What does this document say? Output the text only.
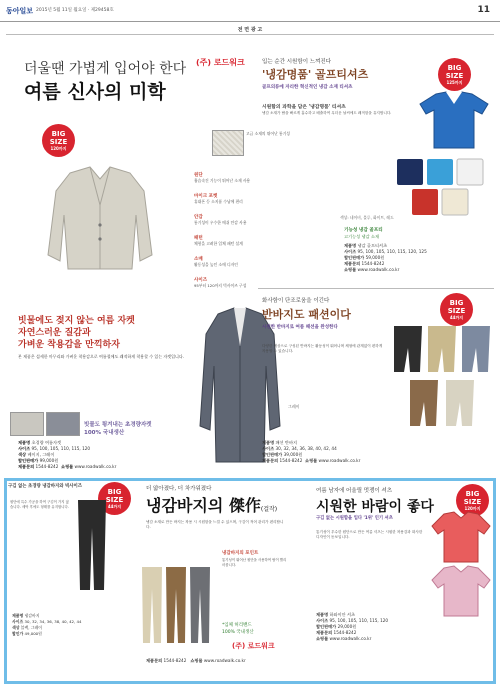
동아일보 2015년 5월 11일 월요일 · 제29458호	11
전 면 광 고
더울땐 가볍게 입어야 한다
여름 신사의 미학
(주) 로드워크
BIG
SIZE
120까지
고급 소재의 뛰어난 통기성
원단
흡습속건 기능이 뛰어난 소재 사용
마이크 포켓
휴대폰 등 소지품 수납에 편리
안감
통기성이 우수한 메쉬 안감 사용
패턴
체형을 고려한 입체 패턴 설계
소매
활동성을 높인 소매 디자인
사이즈
95부터 120까지 빅사이즈 구성
빗물에도 젖지 않는 여름 자켓
자연스러운 질감과
가벼운 착용감을 만끽하자
본 제품은 섬세한 마무리와 가벼운 착용감으로 여름철에도 쾌적하게 착용할 수 있는 자켓입니다.
빗물도 튕겨내는 초경량자켓
100% 국내생산
제품명 초경량 여름자켓
사이즈 95, 100, 105, 110, 115, 120
색상 베이지, 그레이
할인판매가 99,000원
제품문의 1544-8242 쇼핑몰 www.roadwalk.co.kr
그레이
입는 순간 시원함이 느껴진다
'냉감명품' 골프티셔츠
골프의류에 자리한 혁신적인 냉감 소재 티셔츠
BIG
SIZE
125까지
시원함의 과학을 담은 '냉감명품' 티셔츠
냉감 소재가 땀을 빠르게 흡수하고 배출하여 무더운 날씨에도 쾌적함을 유지합니다.
색상: 네이비, 블루, 화이트, 레드
기능성 냉감 골프티
고기능성 냉감 소재
제품명 냉감 골프티셔츠
사이즈 95, 100, 105, 110, 115, 120, 125
할인판매가 59,000원
제품문의 1544-8242
쇼핑몰 www.roadwalk.co.kr
화사함이 단조로움을 이긴다
반바지도 패션이다
시원한 반바지로 여름 패션을 완성한다
BIG
SIZE
44까지
다양한 색상으로 구성된 반바지는 활동성이 뛰어나며 체형에 관계없이 편하게 착용할 수 있습니다.
제품명 패션 반바지
사이즈 30, 32, 34, 36, 38, 40, 42, 44
할인판매가 39,000원
제품문의 1544-8242 쇼핑몰 www.roadwalk.co.kr
구김 없는 초경량 냉감바지와 빅사이즈
BIG
SIZE
44까지
원단에 특수 가공을 하여 구김이 가지 않습니다. 세탁 후에도 형태를 유지합니다.
제품명 냉감바지
사이즈 30, 32, 34, 36, 38, 40, 42, 44
색상 블랙, 그레이
할인가 49,000원
더 얇아졌다, 더 차가워졌다
냉감바지의 傑作(걸작)
냉감 소재로 만든 바지는 착용 시 시원함을 느낄 수 있으며, 구김이 적어 관리가 편리합니다.
냉감바지의 포인트
통기성이 뛰어난 원단을 사용하여 땀이 빨리 마릅니다.
*입체 허리밴드
100% 국내생산
(주) 로드워크
제품문의 1544-8242 쇼핑몰 www.roadwalk.co.kr
여름 남자에 어울릴 멋쟁이 셔츠
시원한 바람이 좋다
BIG
SIZE
120까지
구김 없는 시원함을 입다 '1위' 인기 셔츠
통기성이 우수한 원단으로 만든 여름 셔츠는 시원한 착용감과 화사한 디자인이 돋보입니다.
제품명 하와이안 셔츠
사이즈 95, 100, 105, 110, 115, 120
할인판매가 29,000원
제품문의 1544-8242
쇼핑몰 www.roadwalk.co.kr
